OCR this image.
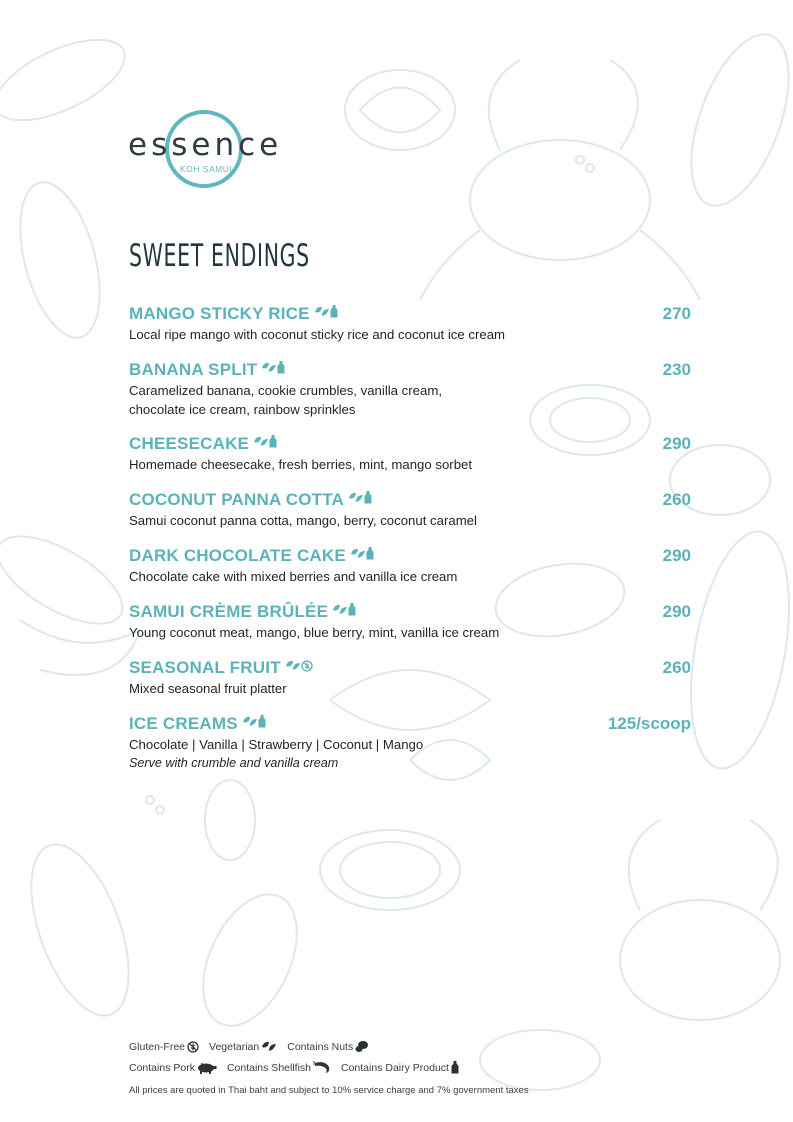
essence
KOH SAMUI
SWEET ENDINGS
MANGO STICKY RICE	270
Local ripe mango with coconut sticky rice and coconut ice cream
BANANA SPLIT	230
Caramelized banana, cookie crumbles, vanilla cream,
chocolate ice cream, rainbow sprinkles
CHEESECAKE	290
Homemade cheesecake, fresh berries, mint, mango sorbet
COCONUT PANNA COTTA	260
Samui coconut panna cotta, mango, berry, coconut caramel
DARK CHOCOLATE CAKE	290
Chocolate cake with mixed berries and vanilla ice cream
SAMUI CRÈME BRÛLÉE	290
Young coconut meat, mango, blue berry, mint, vanilla ice cream
SEASONAL FRUIT	260
Mixed seasonal fruit platter
ICE CREAMS	125/scoop
Chocolate | Vanilla | Strawberry | Coconut | Mango
Serve with crumble and vanilla cream
Gluten-Free Vegetarian	Contains Nuts
Contains Pork	Contains Shellfish	Contains Dairy Product
All prices are quoted in Thai baht and subject to 10% service charge and 7% government taxes
